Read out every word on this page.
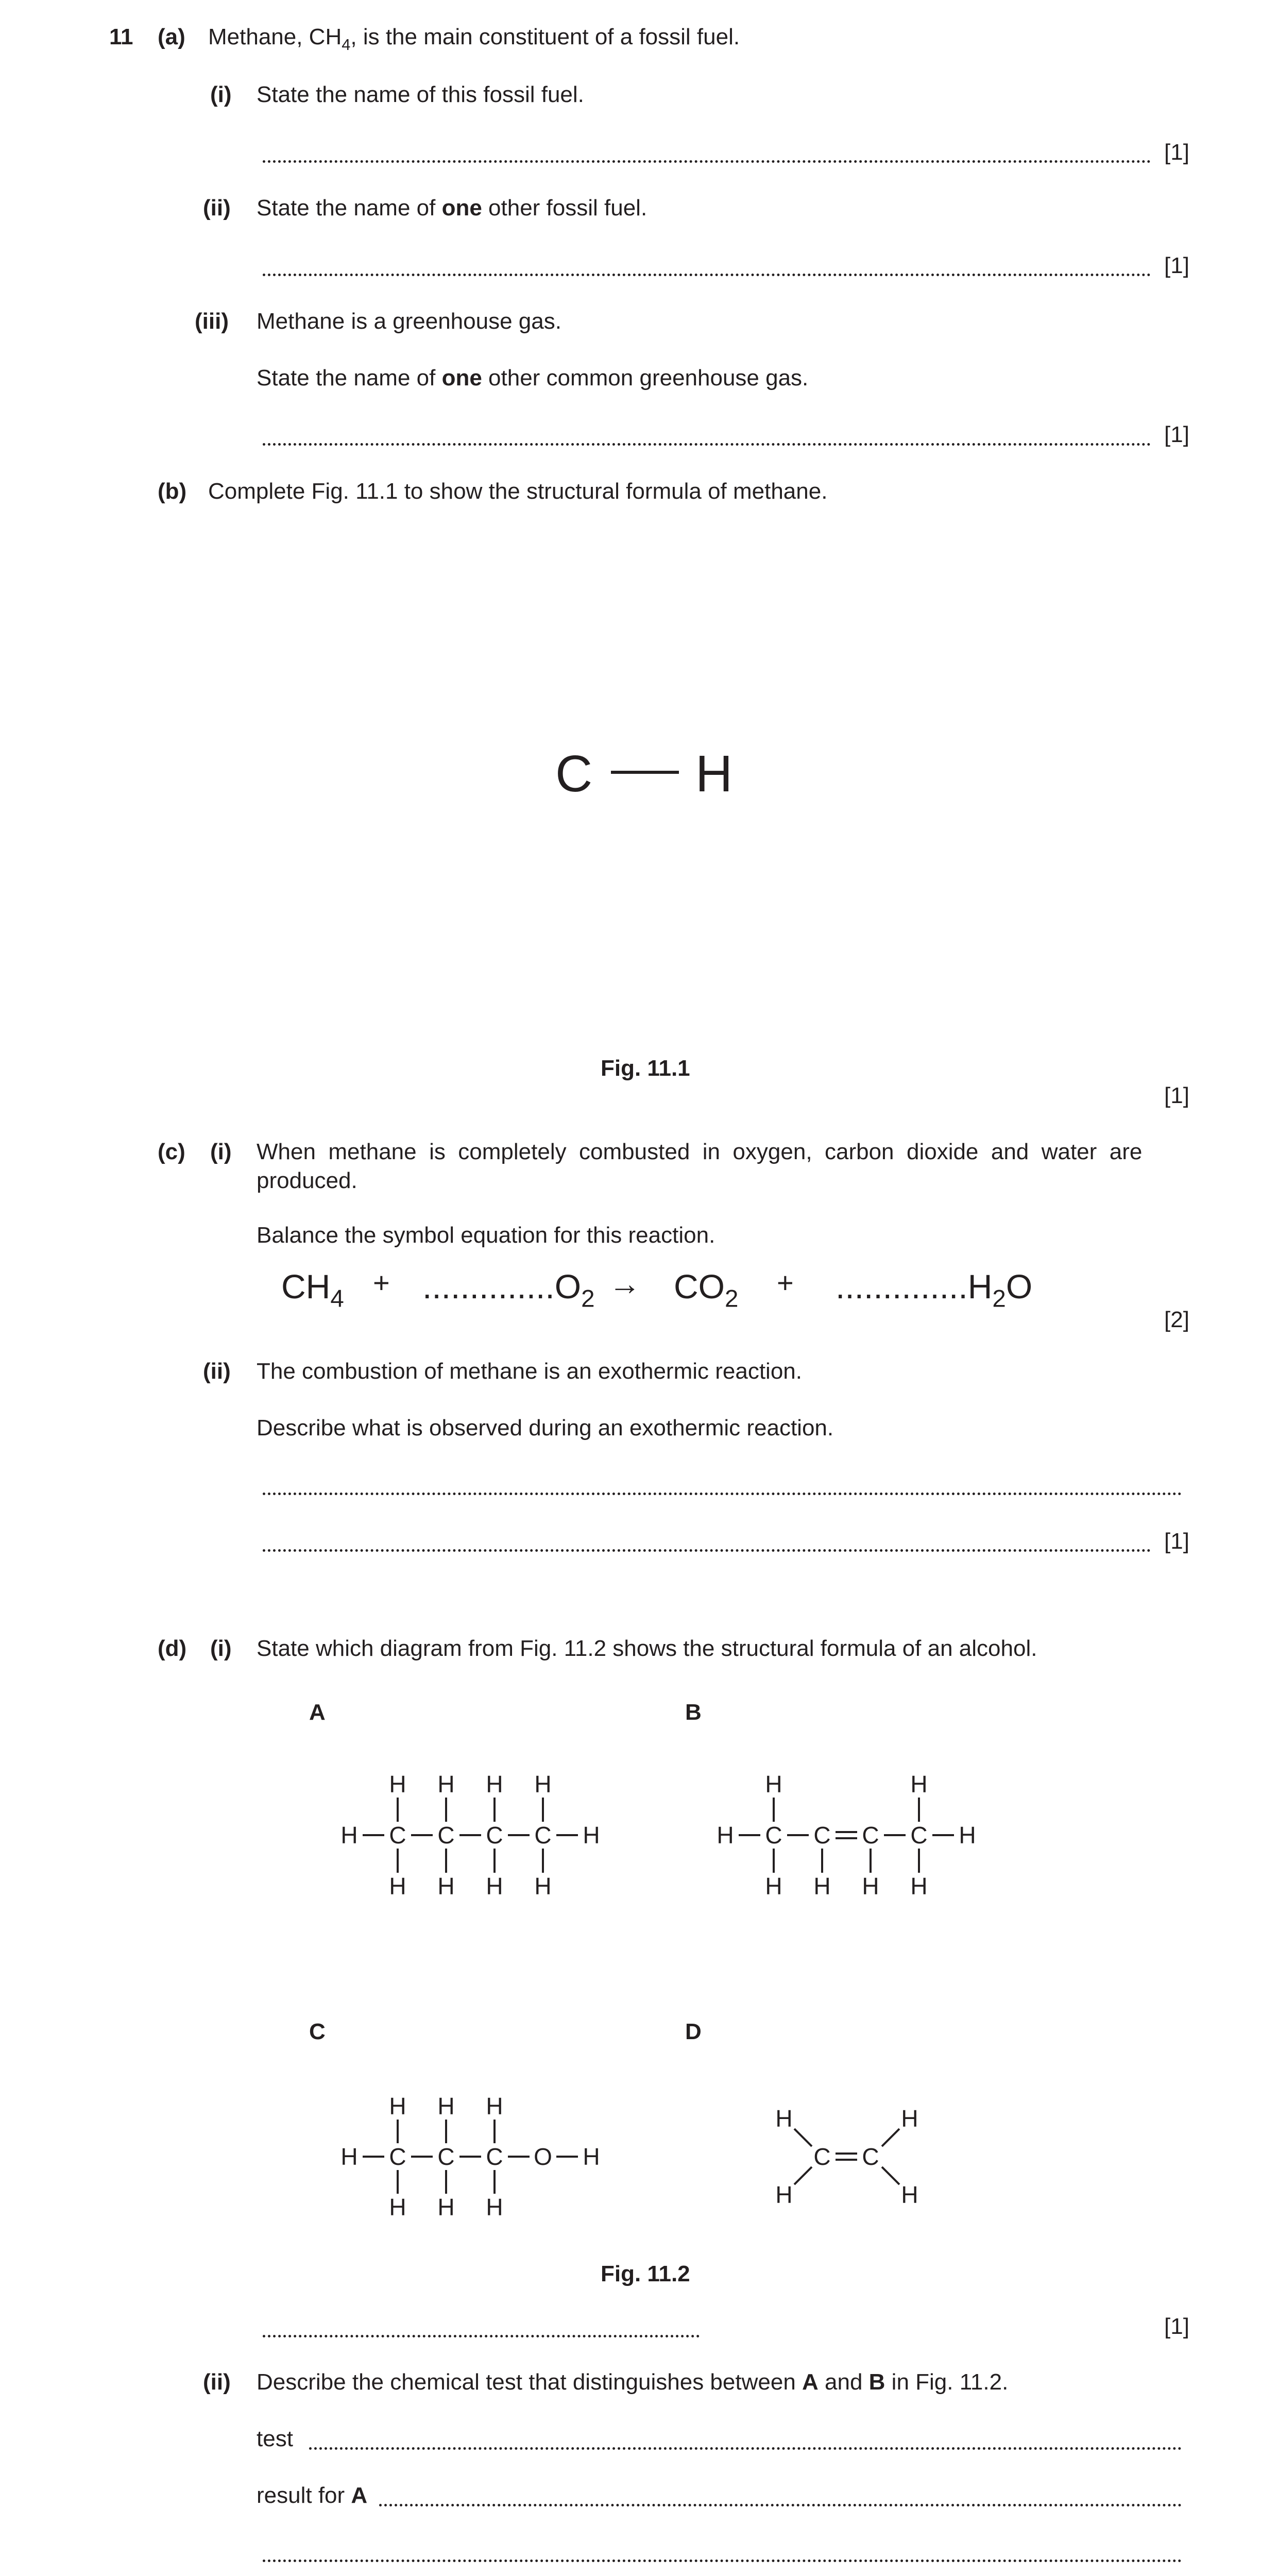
11 (a) Methane, $CH_4$, is the main constituent of a fossil fuel.
(i) State the name of this fossil fuel.
[1]
(ii) State the name of one other fossil fuel.
[1]
(iii) Methane is a greenhouse gas.
State the name of one other common greenhouse gas.
[1]
(b) Complete Fig. 11.1 to show the structural formula of methane.
C H
Fig. 11.1
[1]
(c) (i) When  methane  is  completely  combusted  in  oxygen,  carbon  dioxide  and  water  are
produced.
Balance the symbol equation for this reaction.
$CH_4$
+ $..............O_2 \to CO_2$
+ $..............H_2O$
[2]
(ii) The combustion of methane is an exothermic reaction.
Describe what is observed during an exothermic reaction.
[1]
(d) (i) State which diagram from Fig. 11.2 shows the structural formula of an alcohol.
A	B
C	D
H C
H
H
C
H
H
C
H
H
C
H
H
H	H C
H
C
H
C
H
C
H
H	H
H
H C
H
H
C
H
H
C
H
H
O H	C C
H
H
H
H
Fig. 11.2
[1]
(ii) Describe the chemical test that distinguishes between A and B in Fig. 11.2.
test
result for A
